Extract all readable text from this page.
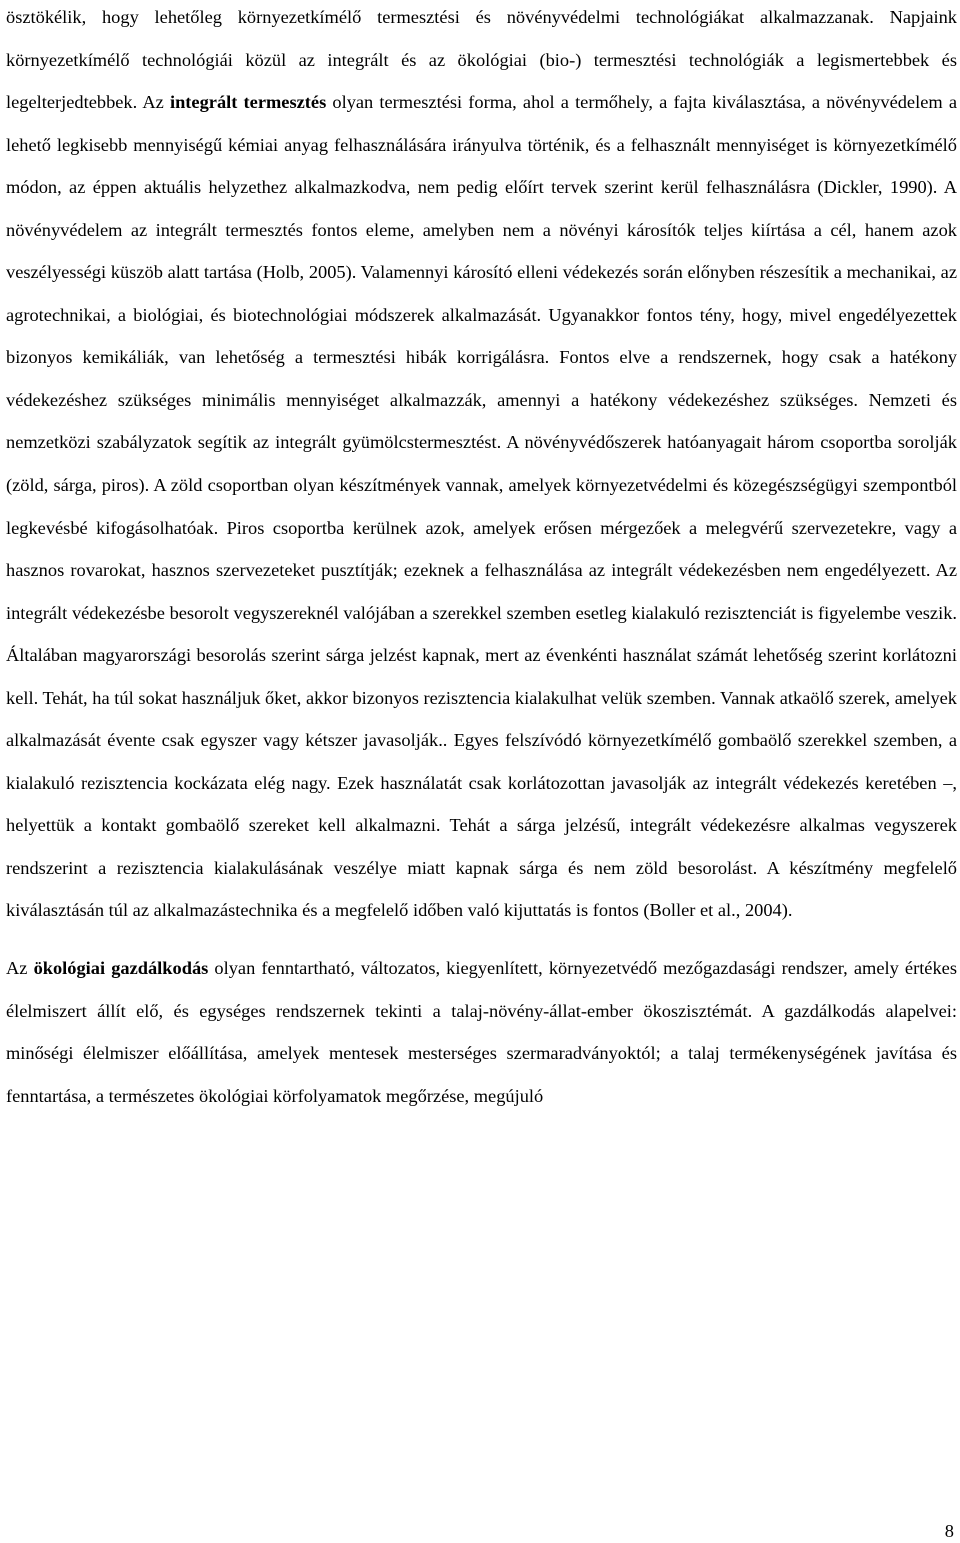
ösztökélik, hogy lehetőleg környezetkímélő termesztési és növényvédelmi technológiákat alkalmazzanak. Napjaink környezetkímélő technológiái közül az integrált és az ökológiai (bio-) termesztési technológiák a legismertebbek és legelterjedtebbek. Az integrált termesztés olyan termesztési forma, ahol a termőhely, a fajta kiválasztása, a növényvédelem a lehető legkisebb mennyiségű kémiai anyag felhasználására irányulva történik, és a felhasznált mennyiséget is környezetkímélő módon, az éppen aktuális helyzethez alkalmazkodva, nem pedig előírt tervek szerint kerül felhasználásra (Dickler, 1990). A növényvédelem az integrált termesztés fontos eleme, amelyben nem a növényi károsítók teljes kiírtása a cél, hanem azok veszélyességi küszöb alatt tartása (Holb, 2005). Valamennyi károsító elleni védekezés során előnyben részesítik a mechanikai, az agrotechnikai, a biológiai, és biotechnológiai módszerek alkalmazását. Ugyanakkor fontos tény, hogy, mivel engedélyezettek bizonyos kemikáliák, van lehetőség a termesztési hibák korrigálásra. Fontos elve a rendszernek, hogy csak a hatékony védekezéshez szükséges minimális mennyiséget alkalmazzák, amennyi a hatékony védekezéshez szükséges. Nemzeti és nemzetközi szabályzatok segítik az integrált gyümölcstermesztést. A növényvédőszerek hatóanyagait három csoportba sorolják (zöld, sárga, piros). A zöld csoportban olyan készítmények vannak, amelyek környezetvédelmi és közegészségügyi szempontból legkevésbé kifogásolhatóak. Piros csoportba kerülnek azok, amelyek erősen mérgezőek a melegvérű szervezetekre, vagy a hasznos rovarokat, hasznos szervezeteket pusztítják; ezeknek a felhasználása az integrált védekezésben nem engedélyezett. Az integrált védekezésbe besorolt vegyszereknél valójában a szerekkel szemben esetleg kialakuló rezisztenciát is figyelembe veszik. Általában magyarországi besorolás szerint sárga jelzést kapnak, mert az évenkénti használat számát lehetőség szerint korlátozni kell. Tehát, ha túl sokat használjuk őket, akkor bizonyos rezisztencia kialakulhat velük szemben. Vannak atkaölő szerek, amelyek alkalmazását évente csak egyszer vagy kétszer javasolják.. Egyes felszívódó környezetkímélő gombaölő szerekkel szemben, a kialakuló rezisztencia kockázata elég nagy. Ezek használatát csak korlátozottan javasolják az integrált védekezés keretében –, helyettük a kontakt gombaölő szereket kell alkalmazni. Tehát a sárga jelzésű, integrált védekezésre alkalmas vegyszerek rendszerint a rezisztencia kialakulásának veszélye miatt kapnak sárga és nem zöld besorolást. A készítmény megfelelő kiválasztásán túl az alkalmazástechnika és a megfelelő időben való kijuttatás is fontos (Boller et al., 2004).

Az ökológiai gazdálkodás olyan fenntartható, változatos, kiegyenlített, környezetvédő mezőgazdasági rendszer, amely értékes élelmiszert állít elő, és egységes rendszernek tekinti a talaj-növény-állat-ember ökoszisztémát. A gazdálkodás alapelvei: minőségi élelmiszer előállítása, amelyek mentesek mesterséges szermaradványoktól; a talaj termékenységének javítása és fenntartása, a természetes ökológiai körfolyamatok megőrzése, megújuló

8
